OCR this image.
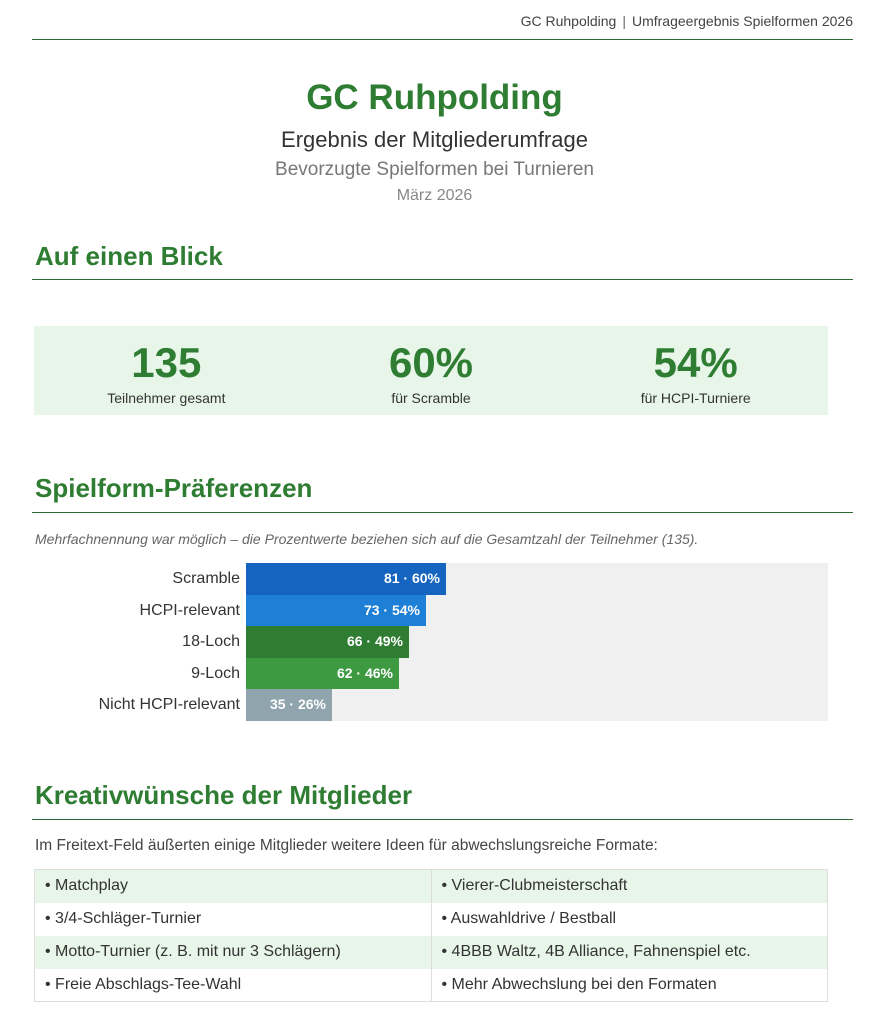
GC Ruhpolding | Umfrageergebnis Spielformen 2026
GC Ruhpolding
Ergebnis der Mitgliederumfrage
Bevorzugte Spielformen bei Turnieren
März 2026
Auf einen Blick
135
Teilnehmer gesamt
60%
für Scramble
54%
für HCPI-Turniere
Spielform-Präferenzen
Mehrfachnennung war möglich – die Prozentwerte beziehen sich auf die Gesamtzahl der Teilnehmer (135).
Scramble	81 · 60%
HCPI-relevant	73 · 54%
18-Loch	66 · 49%
9-Loch	62 · 46%
Nicht HCPI-relevant	35 · 26%
Kreativwünsche der Mitglieder
Im Freitext-Feld äußerten einige Mitglieder weitere Ideen für abwechslungsreiche Formate:
• Matchplay	• Vierer-Clubmeisterschaft
• 3/4-Schläger-Turnier	• Auswahldrive / Bestball
• Motto-Turnier (z. B. mit nur 3 Schlägern)	• 4BBB Waltz, 4B Alliance, Fahnenspiel etc.
• Freie Abschlags-Tee-Wahl	• Mehr Abwechslung bei den Formaten
